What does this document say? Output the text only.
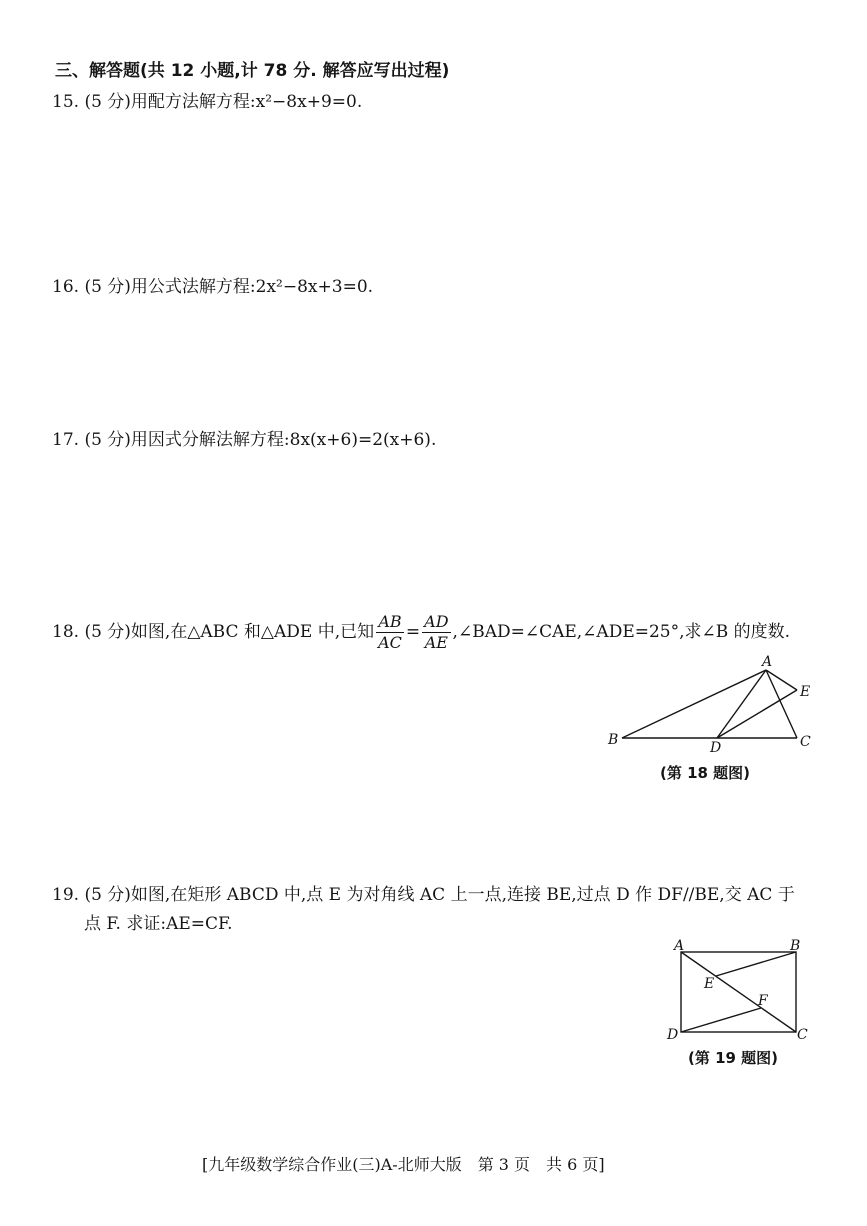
三、解答题(共 12 小题,计 78 分. 解答应写出过程)
15. (5 分)用配方法解方程:x²−8x+9=0.
16. (5 分)用公式法解方程:2x²−8x+3=0.
17. (5 分)用因式分解法解方程:8x(x+6)=2(x+6).
18. (5 分)如图,在△ABC 和△ADE 中,已知 $\frac{AB}{AC} = \frac{AD}{AE}$ ,∠BAD=∠CAE,∠ADE=25°,求∠B 的度数.
A
B	C
D
E
(第 18 题图)
19. (5 分)如图,在矩形 ABCD 中,点 E 为对角线 AC 上一点,连接 BE,过点 D 作 DF//BE,交 AC 于
点 F. 求证:AE=CF.
A	B
C
D
E
F
(第 19 题图)
[九年级数学综合作业(三)A-北师大版　第 3 页　共 6 页]
